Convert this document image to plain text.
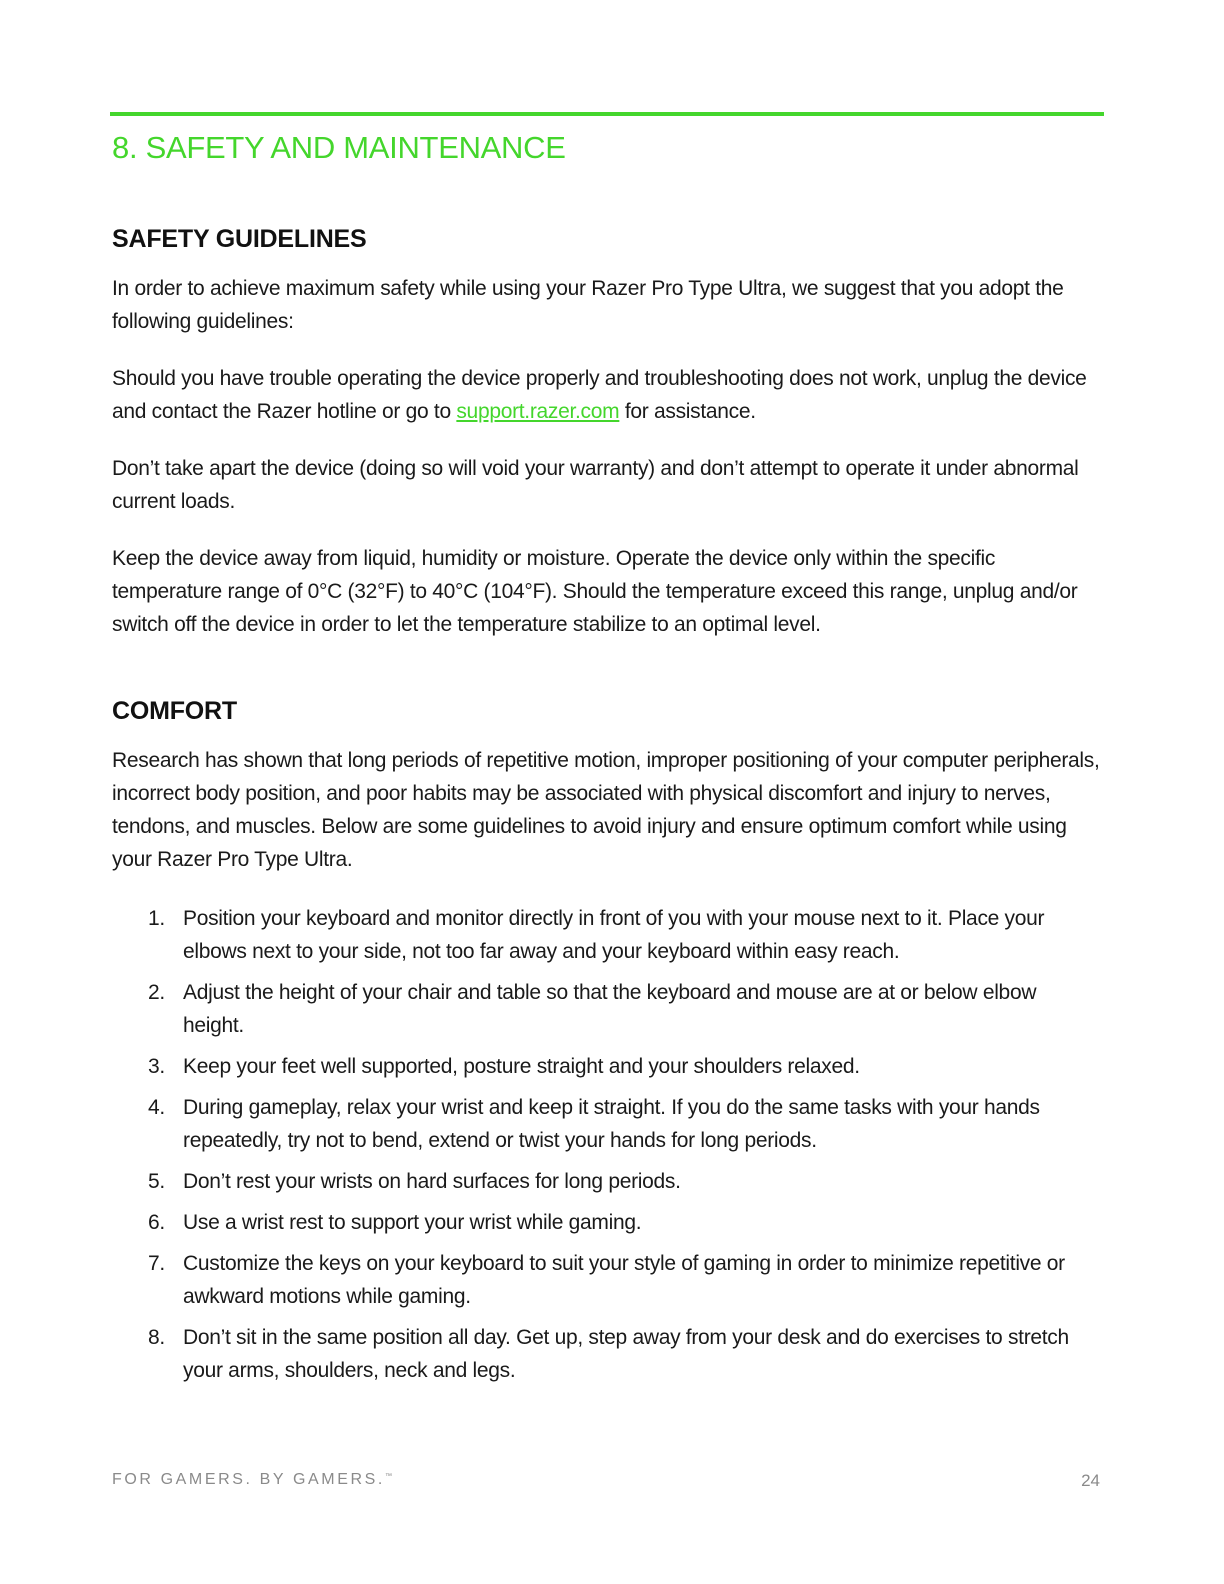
8. SAFETY AND MAINTENANCE
SAFETY GUIDELINES

In order to achieve maximum safety while using your Razer Pro Type Ultra, we suggest that you adopt the following guidelines:

Should you have trouble operating the device properly and troubleshooting does not work, unplug the device and contact the Razer hotline or go to support.razer.com for assistance.

Don’t take apart the device (doing so will void your warranty) and don’t attempt to operate it under abnormal current loads.

Keep the device away from liquid, humidity or moisture. Operate the device only within the specific temperature range of 0°C (32°F) to 40°C (104°F). Should the temperature exceed this range, unplug and/or switch off the device in order to let the temperature stabilize to an optimal level.

COMFORT

Research has shown that long periods of repetitive motion, improper positioning of your computer peripherals, incorrect body position, and poor habits may be associated with physical discomfort and injury to nerves, tendons, and muscles. Below are some guidelines to avoid injury and ensure optimum comfort while using your Razer Pro Type Ultra.

1. Position your keyboard and monitor directly in front of you with your mouse next to it. Place your elbows next to your side, not too far away and your keyboard within easy reach.
2. Adjust the height of your chair and table so that the keyboard and mouse are at or below elbow height.
3. Keep your feet well supported, posture straight and your shoulders relaxed.
4. During gameplay, relax your wrist and keep it straight. If you do the same tasks with your hands repeatedly, try not to bend, extend or twist your hands for long periods.
5. Don’t rest your wrists on hard surfaces for long periods.
6. Use a wrist rest to support your wrist while gaming.
7. Customize the keys on your keyboard to suit your style of gaming in order to minimize repetitive or awkward motions while gaming.
8. Don’t sit in the same position all day. Get up, step away from your desk and do exercises to stretch your arms, shoulders, neck and legs.
FOR GAMERS. BY GAMERS.™	24
